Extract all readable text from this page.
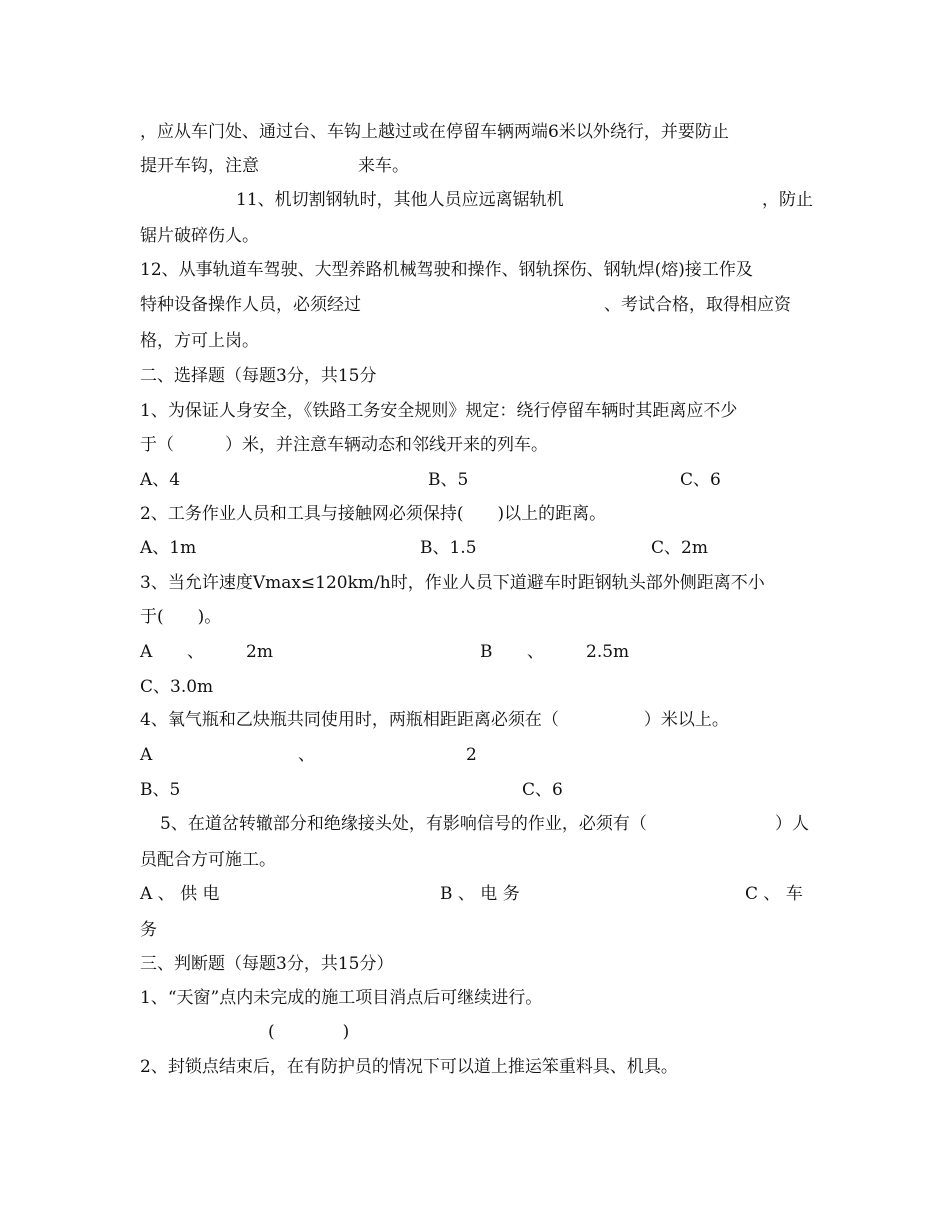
，应从车门处、通过台、车钩上越过或在停留车辆两端6米以外绕行，并要防止
提开车钩，注意	来车。
11、机切割钢轨时，其他人员应远离锯轨机	，防止
锯片破碎伤人。
12、从事轨道车驾驶、大型养路机械驾驶和操作、钢轨探伤、钢轨焊(熔)接工作及
特种设备操作人员，必须经过	、考试合格，取得相应资
格，方可上岗。
二、选择题（每题3分，共15分
1、为保证人身安全，《铁路工务安全规则》规定：绕行停留车辆时其距离应不少
于（　　　）米，并注意车辆动态和邻线开来的列车。
A、4	B、5	C、6
2、工务作业人员和工具与接触网必须保持(　　)以上的距离。
A、1m	B、1.5	C、2m
3、当允许速度Vmax≤120km/h时，作业人员下道避车时距钢轨头部外侧距离不小
于(　　)。
A 、 2m	B 、 2.5m
C、3.0m
4、氧气瓶和乙炔瓶共同使用时，两瓶相距距离必须在（　　　　　）米以上。
A	、	2
B、5	C、6
5、在道岔转辙部分和绝缘接头处，有影响信号的作业，必须有（	）人
员配合方可施工。
A 、 供 电	B 、 电 务	C 、 车
务
三、判断题（每题3分，共15分）
1、“天窗”点内未完成的施工项目消点后可继续进行。
(　　　　)
2、封锁点结束后，在有防护员的情况下可以道上推运笨重料具、机具。
